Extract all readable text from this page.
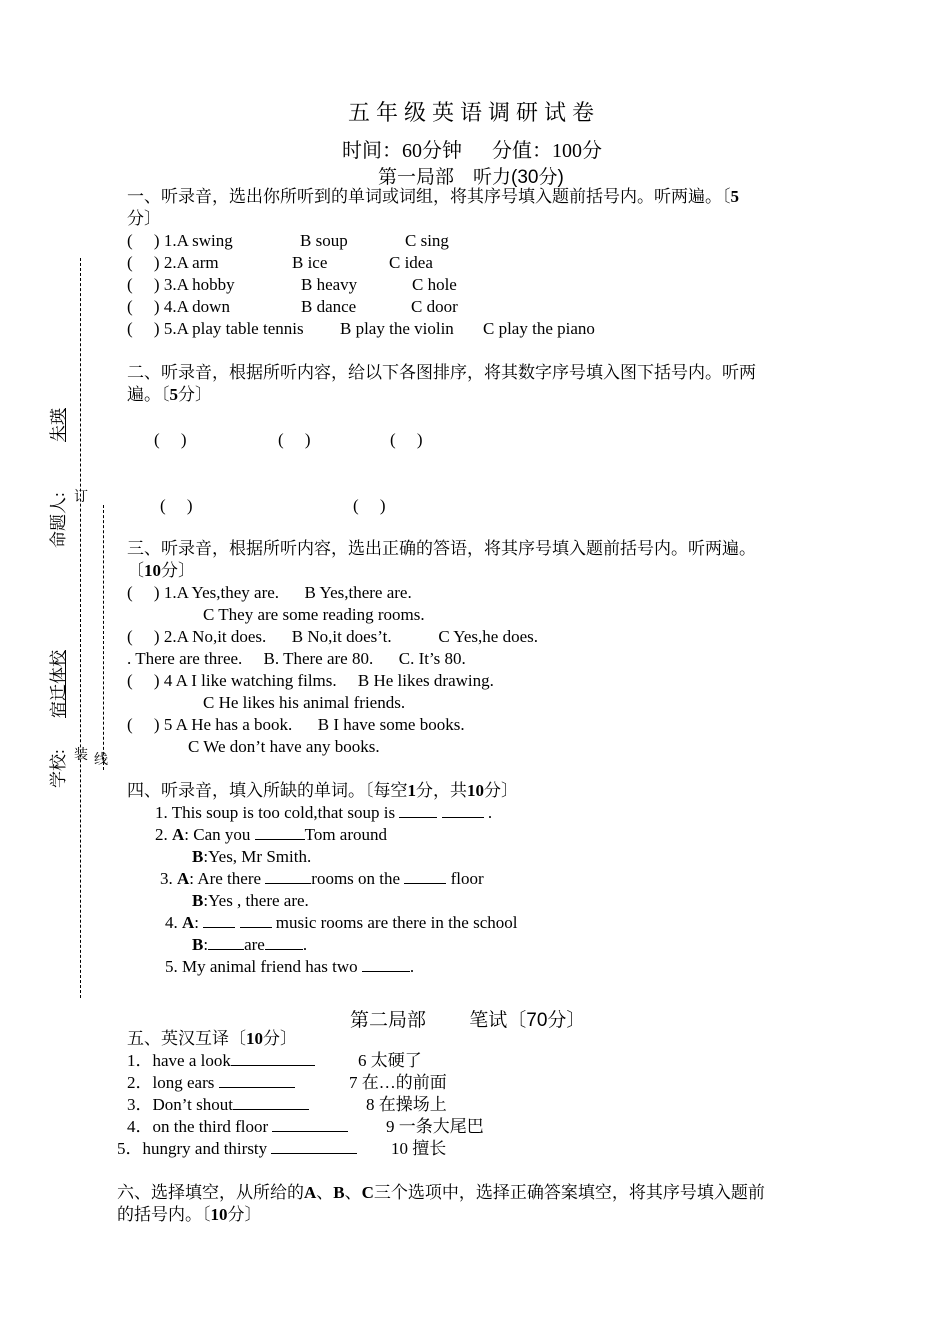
命题人:
朱瑛
学校:
宿迁体校
装
订
线
五年级英语调研试卷
时间：60分钟 　 分值：100分
第一局部　听力(30分)
一、听录音，选出你所听到的单词或词组，将其序号填入题前括号内。听两遍。〔5
分〕
(　 ) 1.A swing	B soup	C sing
(　 ) 2.A arm	B ice	C idea
(　 ) 3.A hobby	B heavy	C hole
(　 ) 4.A down	B dance	C door
(　 ) 5.A play table tennis B play the violin C play the piano
二、听录音，根据所听内容，给以下各图排序，将其数字序号填入图下括号内。听两
遍。〔5分〕
(　 )	(　 )	(　 )
(　 )	(　 )
三、听录音，根据所听内容，选出正确的答语，将其序号填入题前括号内。听两遍。
〔10分〕
(　 ) 1.A Yes,they are. 　 B Yes,there are.
C They are some reading rooms.
(　 ) 2.A No,it does. 　 B No,it does’t. 　 　 C Yes,he does.
. There are three. 　B. There are 80. 　 C. It’s 80.
(　 ) 4 A I like watching films. 　B He likes drawing.
C He likes his animal friends.
(　 ) 5 A He has a book. 　 B I have some books.
C We don’t have any books.
四、听录音，填入所缺的单词。〔每空1分，共10分〕
1. This soup is too cold,that soup is	.
2. A: Can you	Tom around
B:Yes, Mr Smith.
3. A: Are there	rooms on the	floor
B:Yes , there are.
4. A:	music rooms are there in the school
B: are .
5. My animal friend has two	.
第二局部　　 笔试〔70分〕
五、英汉互译〔10分〕
1．have a look	6 太硬了
2．long ears	7 在…的前面
3．Don’t shout	8 在操场上
4．on the third floor	9 一条大尾巴
5．hungry and thirsty	10 擅长
六、选择填空，从所给的A、B、C三个选项中，选择正确答案填空，将其序号填入题前
的括号内。〔10分〕
